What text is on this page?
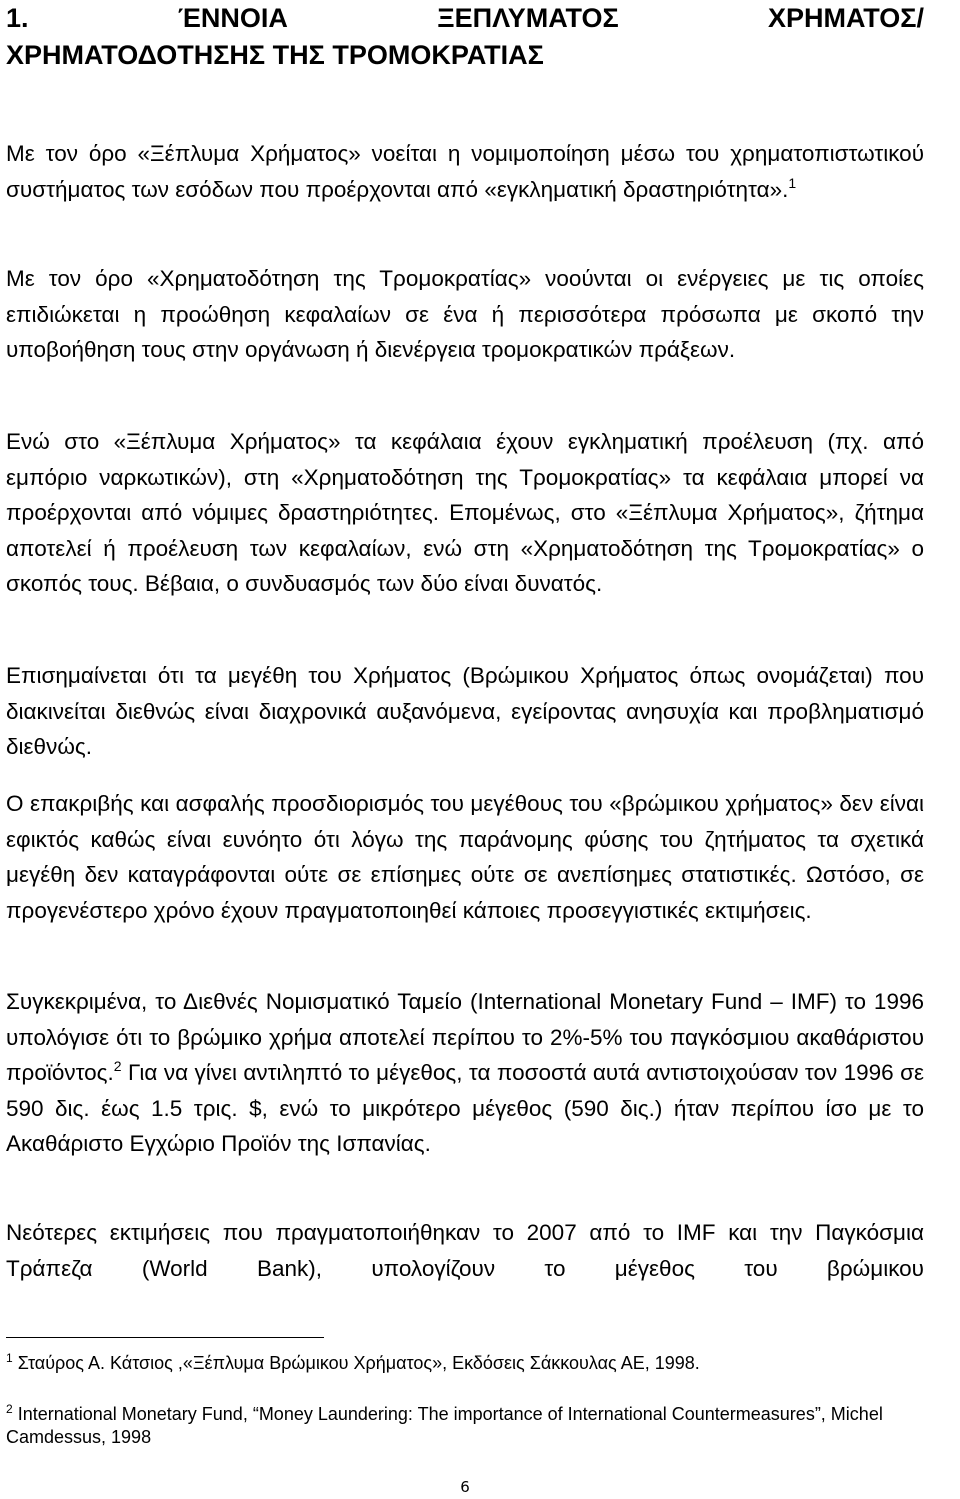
1.	ΈΝΝΟΙΑ	ΞΕΠΛΥΜΑΤΟΣ	ΧΡΗΜΑΤΟΣ/
ΧΡΗΜΑΤΟΔΟΤΗΣΗΣ ΤΗΣ ΤΡΟΜΟΚΡΑΤΙΑΣ

Με τον όρο «Ξέπλυμα Χρήματος» νοείται η νομιμοποίηση μέσω του χρηματοπιστωτικού συστήματος των εσόδων που προέρχονται από «εγκληματική δραστηριότητα».$^1$

Με τον όρο «Χρηματοδότηση της Τρομοκρατίας» νοούνται οι ενέργειες με τις οποίες επιδιώκεται η προώθηση κεφαλαίων σε ένα ή περισσότερα πρόσωπα με σκοπό την υποβοήθηση τους στην οργάνωση ή διενέργεια τρομοκρατικών πράξεων.

Ενώ στο «Ξέπλυμα Χρήματος» τα κεφάλαια έχουν εγκληματική προέλευση (πχ. από εμπόριο ναρκωτικών), στη «Χρηματοδότηση της Τρομοκρατίας» τα κεφάλαια μπορεί να προέρχονται από νόμιμες δραστηριότητες. Επομένως, στο «Ξέπλυμα Χρήματος», ζήτημα αποτελεί ή προέλευση των κεφαλαίων, ενώ στη «Χρηματοδότηση της Τρομοκρατίας» ο σκοπός τους. Βέβαια, ο συνδυασμός των δύο είναι δυνατός.

Επισημαίνεται ότι τα μεγέθη του Χρήματος (Βρώμικου Χρήματος όπως ονομάζεται) που διακινείται διεθνώς είναι διαχρονικά αυξανόμενα, εγείροντας ανησυχία και προβληματισμό διεθνώς.

Ο επακριβής και ασφαλής προσδιορισμός του μεγέθους του «βρώμικου χρήματος» δεν είναι εφικτός καθώς είναι ευνόητο ότι λόγω της παράνομης φύσης του ζητήματος τα σχετικά μεγέθη δεν καταγράφονται ούτε σε επίσημες ούτε σε ανεπίσημες στατιστικές. Ωστόσο, σε προγενέστερο χρόνο έχουν πραγματοποιηθεί κάποιες προσεγγιστικές εκτιμήσεις.

Συγκεκριμένα, το Διεθνές Νομισματικό Ταμείο (International Monetary Fund – IMF) το 1996 υπολόγισε ότι το βρώμικο χρήμα αποτελεί περίπου το 2%-5% του παγκόσμιου ακαθάριστου προϊόντος.$^2$ Για να γίνει αντιληπτό το μέγεθος, τα ποσοστά αυτά αντιστοιχούσαν τον 1996 σε 590 δις. έως 1.5 τρις. $, ενώ το μικρότερο μέγεθος (590 δις.) ήταν περίπου ίσο με το Ακαθάριστο Εγχώριο Προϊόν της Ισπανίας.

Νεότερες εκτιμήσεις που πραγματοποιήθηκαν το 2007 από το IMF και την Παγκόσμια Τράπεζα (World Bank), υπολογίζουν το μέγεθος του βρώμικου

$^1$ Σταύρος Α. Κάτσιος ,«Ξέπλυμα Βρώμικου Χρήματος», Εκδόσεις Σάκκουλας ΑΕ, 1998.

$^2$ International Monetary Fund, “Money Laundering: The importance of International Countermeasures”, Michel Camdessus, 1998

6
